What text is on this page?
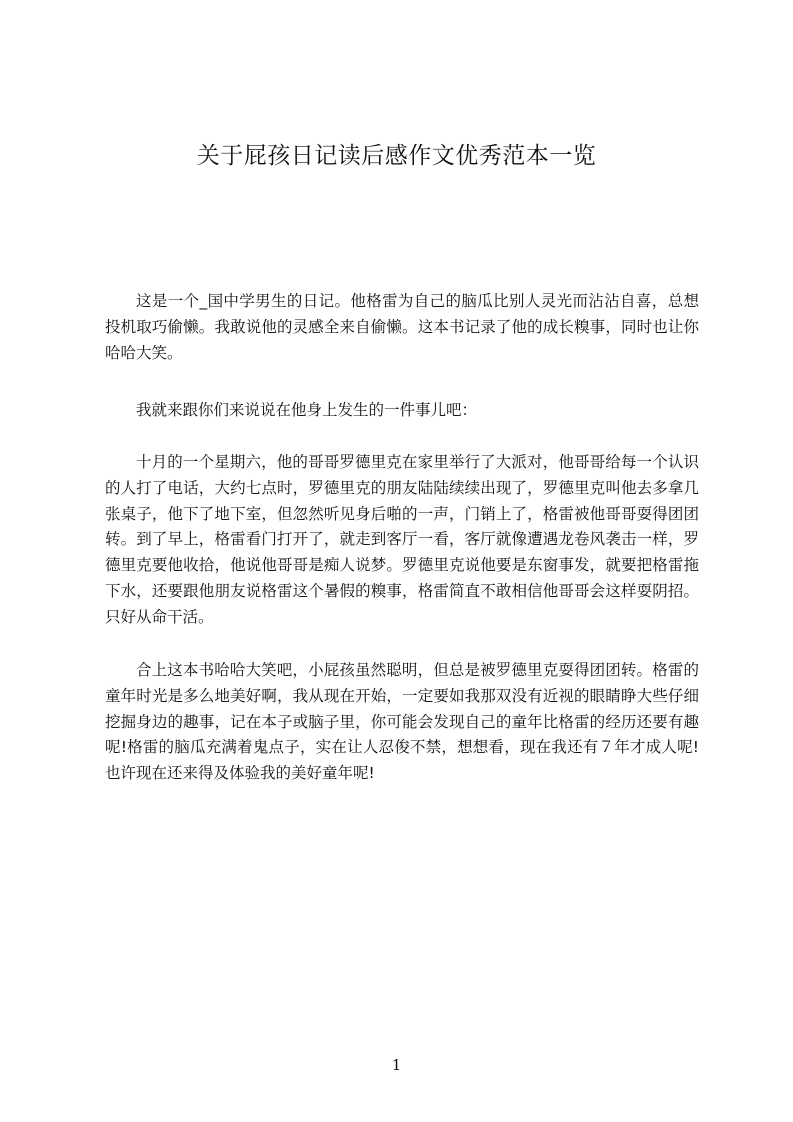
关于屁孩日记读后感作文优秀范本一览

这是一个_国中学男生的日记。他格雷为自己的脑瓜比别人灵光而沾沾自喜，总想投机取巧偷懒。我敢说他的灵感全来自偷懒。这本书记录了他的成长糗事，同时也让你哈哈大笑。

我就来跟你们来说说在他身上发生的一件事儿吧：

十月的一个星期六，他的哥哥罗德里克在家里举行了大派对，他哥哥给每一个认识的人打了电话，大约七点时，罗德里克的朋友陆陆续续出现了，罗德里克叫他去多拿几张桌子，他下了地下室，但忽然听见身后啪的一声，门销上了，格雷被他哥哥耍得团团转。到了早上，格雷看门打开了，就走到客厅一看，客厅就像遭遇龙卷风袭击一样，罗德里克要他收拾，他说他哥哥是痴人说梦。罗德里克说他要是东窗事发，就要把格雷拖下水，还要跟他朋友说格雷这个暑假的糗事，格雷简直不敢相信他哥哥会这样耍阴招。只好从命干活。

合上这本书哈哈大笑吧，小屁孩虽然聪明，但总是被罗德里克耍得团团转。格雷的童年时光是多么地美好啊，我从现在开始，一定要如我那双没有近视的眼睛睁大些仔细挖掘身边的趣事，记在本子或脑子里，你可能会发现自己的童年比格雷的经历还要有趣呢!格雷的脑瓜充满着鬼点子，实在让人忍俊不禁，想想看，现在我还有７年才成人呢!也许现在还来得及体验我的美好童年呢!

1
